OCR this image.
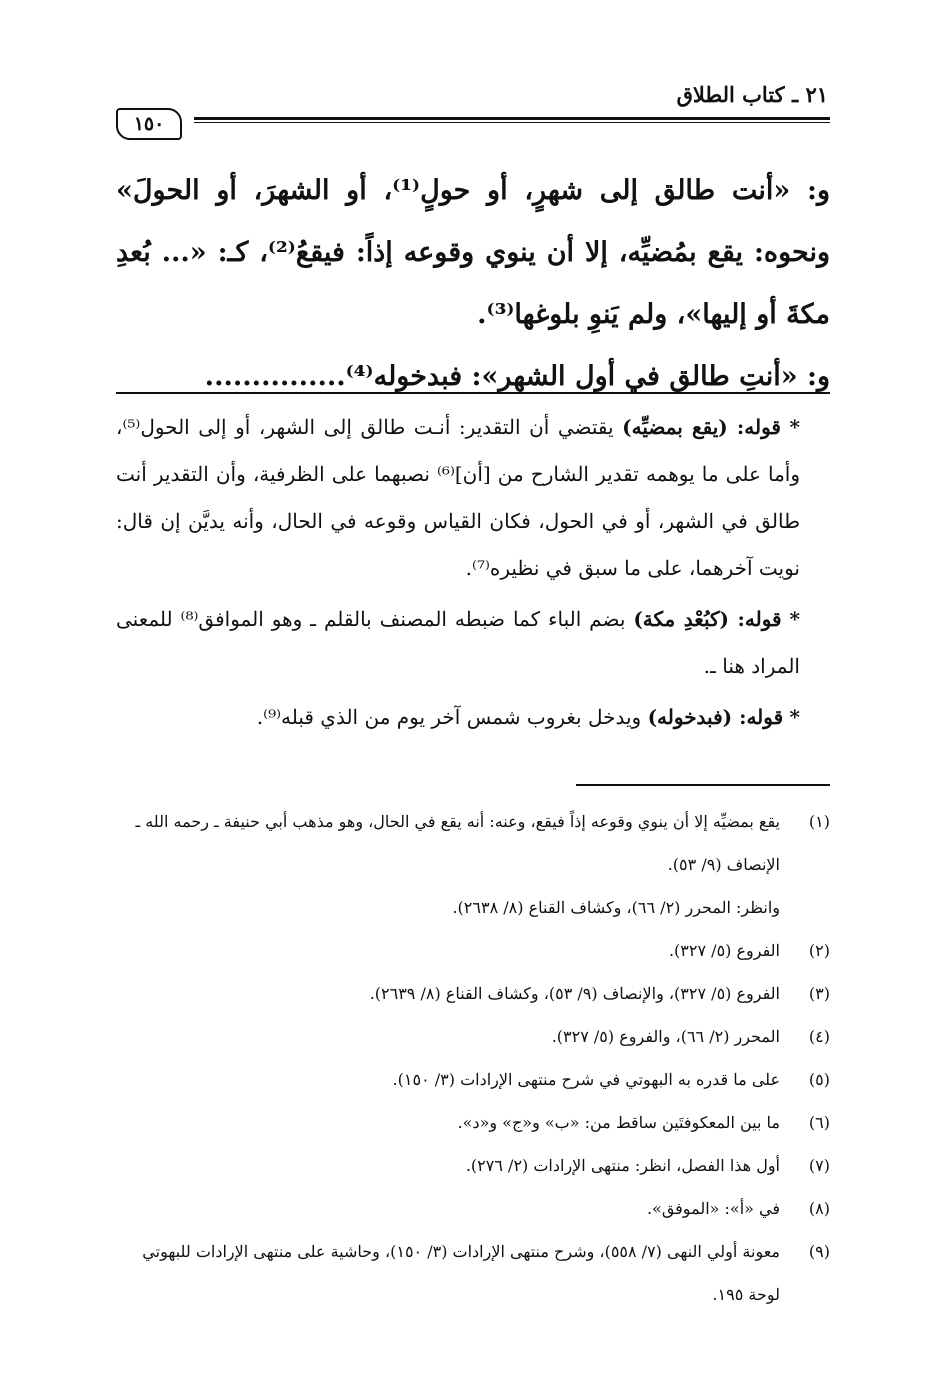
٢١ ـ كتاب الطلاق
١٥٠

و: «أنت طالق إلى شهرٍ، أو حولٍ⁽¹⁾، أو الشهرَ، أو الحولَ» ونحوه: يقع بمُضيِّه، إلا أن ينوي وقوعه إذاً: فيقعُ⁽²⁾، كـ: «... بُعدِ مكةَ أو إليها»، ولم يَنوِ بلوغها⁽³⁾.

و: «أنتِ طالق في أول الشهر»: فبدخوله⁽⁴⁾...............

* قوله: (يقع بمضيِّه) يقتضي أن التقدير: أنـت طالق إلى الشهر، أو إلى الحول⁽⁵⁾، وأما على ما يوهمه تقدير الشارح من [أن]⁽⁶⁾ نصبهما على الظرفية، وأن التقدير أنت طالق في الشهر، أو في الحول، فكان القياس وقوعه في الحال، وأنه يديَّن إن قال: نويت آخرهما، على ما سبق في نظيره⁽⁷⁾.

* قوله: (كبُعْدِ مكة) بضم الباء كما ضبطه المصنف بالقلم ـ وهو الموافق⁽⁸⁾ للمعنى المراد هنا ـ.

* قوله: (فبدخوله) ويدخل بغروب شمس آخر يوم من الذي قبله⁽⁹⁾.

(١)
يقع بمضيِّه إلا أن ينوي وقوعه إذاً فيقع، وعنه: أنه يقع في الحال، وهو مذهب أبي حنيفة ـ رحمه الله ـ الإنصاف (٩/ ٥٣).
وانظر: المحرر (٢/ ٦٦)، وكشاف القناع (٨/ ٢٦٣٨).
(٢)
الفروع (٥/ ٣٢٧).
(٣)
الفروع (٥/ ٣٢٧)، والإنصاف (٩/ ٥٣)، وكشاف القناع (٨/ ٢٦٣٩).
(٤)
المحرر (٢/ ٦٦)، والفروع (٥/ ٣٢٧).
(٥)
على ما قدره به البهوتي في شرح منتهى الإرادات (٣/ ١٥٠).
(٦)
ما بين المعكوفتَين ساقط من: «ب» و«ج» و«د».
(٧)
أول هذا الفصل، انظر: منتهى الإرادات (٢/ ٢٧٦).
(٨)
في «أ»: «الموفق».
(٩)
معونة أولي النهى (٧/ ٥٥٨)، وشرح منتهى الإرادات (٣/ ١٥٠)، وحاشية على منتهى الإرادات للبهوتي لوحة ١٩٥.
